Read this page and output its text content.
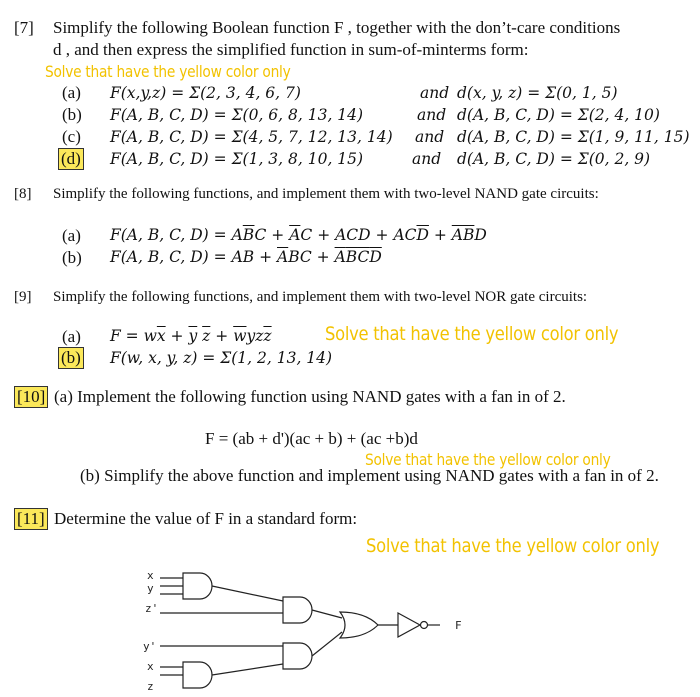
[7] Simplify the following Boolean function F , together with the don’t-care conditions
d , and then express the simplified function in sum-of-minterms form:
Solve that have the yellow color only
(a) F(x,y,z) = Σ(2, 3, 4, 6, 7)	and d(x, y, z) = Σ(0, 1, 5)
(b) F(A, B, C, D) = Σ(0, 6, 8, 13, 14)	and d(A, B, C, D) = Σ(2, 4, 10)
(c) F(A, B, C, D) = Σ(4, 5, 7, 12, 13, 14) and d(A, B, C, D) = Σ(1, 9, 11, 15)
(d) F(A, B, C, D) = Σ(1, 3, 8, 10, 15)	and d(A, B, C, D) = Σ(0, 2, 9)
[8] Simplify the following functions, and implement them with two-level NAND gate circuits:
(a) F(A, B, C, $D) = A\overline{B}C + \overline{A}C$ + ACD + $AC\overline{D} + \overline{A}\overline{B}D$
(b) F(A, B, C, D) = AB + $\overline{A}BC + \overline{A}\overline{B}\overline{C}\overline{D}$
[9] Simplify the following functions, and implement them with two-level NOR gate circuits:
(a) $F = w\overline{x} + \overline{y}$ $\overline{z} + \overline{w}yz\overline{z}$	Solve that have the yellow color only
(b) F(w, x, y, z) = Σ(1, 2, 13, 14)
[10] (a) Implement the following function using NAND gates with a fan in of 2.
F = (ab + d')(ac + b) + (ac +b)d
Solve that have the yellow color only
(b) Simplify the above function and implement using NAND gates with a fan in of 2.
[11] Determine the value of F in a standard form:
Solve that have the yellow color only
x
y
z'
y'
x
z
F
